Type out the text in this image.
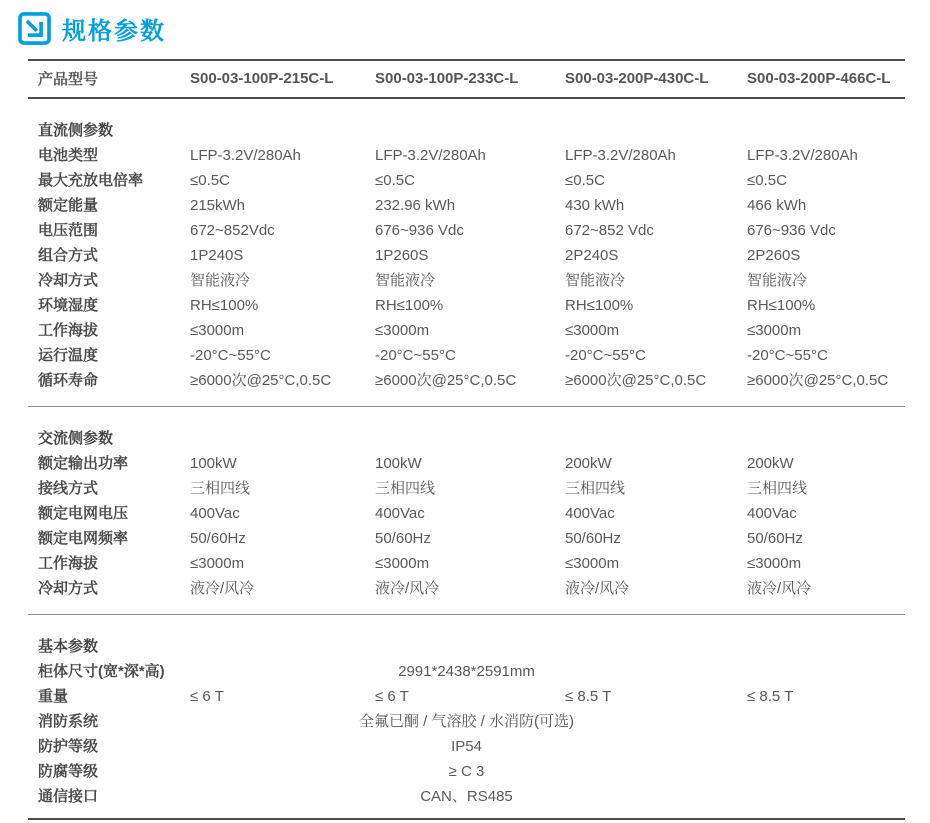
规格参数
产品型号	S00-03-100P-215C-L	S00-03-100P-233C-L	S00-03-200P-430C-L	S00-03-200P-466C-L
直流侧参数
电池类型	LFP-3.2V/280Ah	LFP-3.2V/280Ah	LFP-3.2V/280Ah	LFP-3.2V/280Ah
最大充放电倍率	≤0.5C	≤0.5C	≤0.5C	≤0.5C
额定能量	215kWh	232.96 kWh	430 kWh	466 kWh
电压范围	672~852Vdc	676~936 Vdc	672~852 Vdc	676~936 Vdc
组合方式	1P240S	1P260S	2P240S	2P260S
冷却方式	智能液冷	智能液冷	智能液冷	智能液冷
环境湿度	RH≤100%	RH≤100%	RH≤100%	RH≤100%
工作海拔	≤3000m	≤3000m	≤3000m	≤3000m
运行温度	-20°C~55°C	-20°C~55°C	-20°C~55°C	-20°C~55°C
循环寿命	≥6000次@25°C,0.5C	≥6000次@25°C,0.5C	≥6000次@25°C,0.5C	≥6000次@25°C,0.5C
交流侧参数
额定输出功率	100kW	100kW	200kW	200kW
接线方式	三相四线	三相四线	三相四线	三相四线
额定电网电压	400Vac	400Vac	400Vac	400Vac
额定电网频率	50/60Hz	50/60Hz	50/60Hz	50/60Hz
工作海拔	≤3000m	≤3000m	≤3000m	≤3000m
冷却方式	液冷/风冷	液冷/风冷	液冷/风冷	液冷/风冷
基本参数
柜体尺寸(宽*深*高)	2991*2438*2591mm
重量	≤ 6 T	≤ 6 T	≤ 8.5 T	≤ 8.5 T
消防系统	全氟已酮 / 气溶胶 / 水消防(可选)
防护等级	IP54
防腐等级	≥ C 3
通信接口	CAN、RS485
